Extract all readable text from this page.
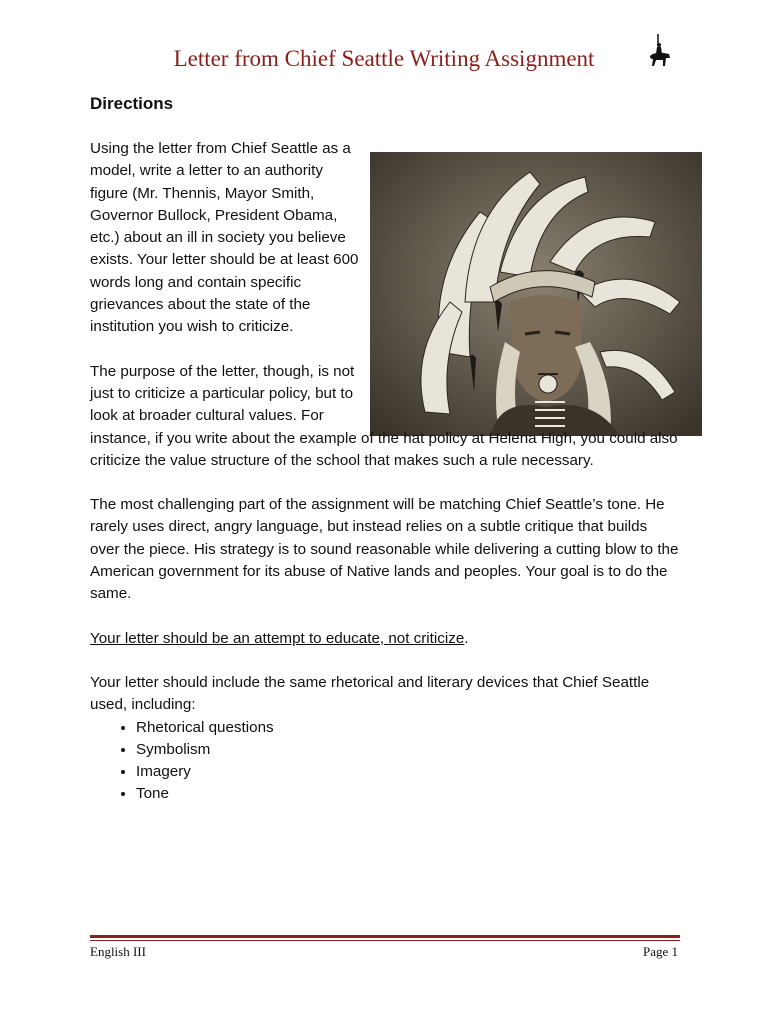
Letter from Chief Seattle Writing Assignment
Directions

Using the letter from Chief Seattle as a model, write a letter to an authority figure (Mr. Thennis, Mayor Smith, Governor Bullock, President Obama, etc.) about an ill in society you believe exists. Your letter should be at least 600 words long and contain specific grievances about the state of the institution you wish to criticize.

The purpose of the letter, though, is not just to criticize a particular policy, but to look at broader cultural values. For instance, if you write about the example of the hat policy at Helena High, you could also criticize the value structure of the school that makes such a rule necessary.

The most challenging part of the assignment will be matching Chief Seattle’s tone. He rarely uses direct, angry language, but instead relies on a subtle critique that builds over the piece. His strategy is to sound reasonable while delivering a cutting blow to the American government for its abuse of Native lands and peoples. Your goal is to do the same.

Your letter should be an attempt to educate, not criticize.

Your letter should include the same rhetorical and literary devices that Chief Seattle used, including:

• Rhetorical questions
• Symbolism
• Imagery
• Tone
English III	Page 1
